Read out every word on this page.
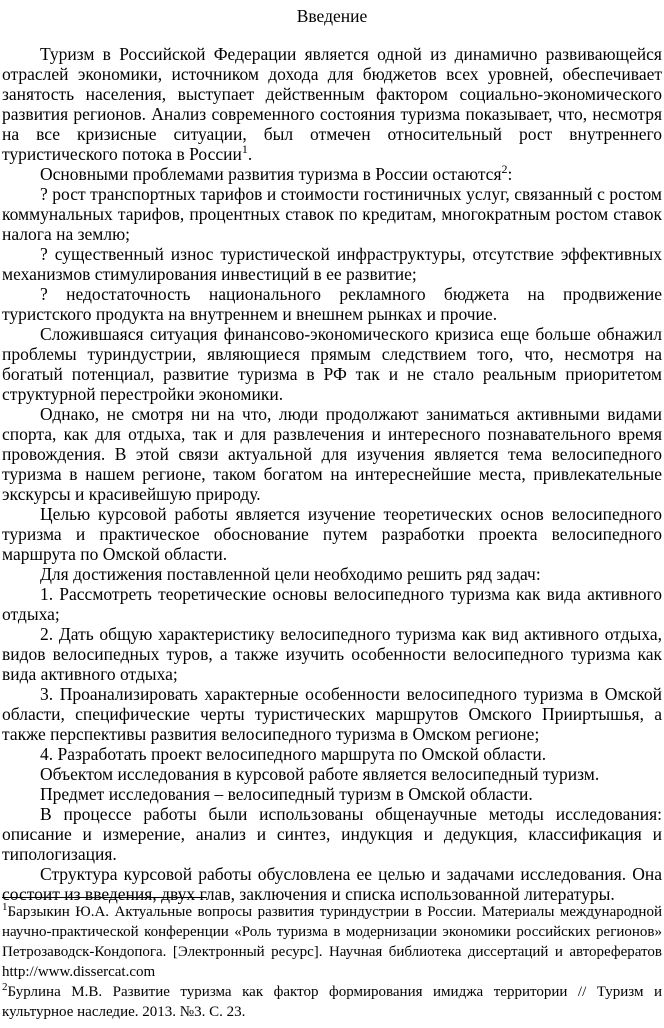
Введение

Туризм в Российской Федерации является одной из динамично развивающейся отраслей экономики, источником дохода для бюджетов всех уровней, обеспечивает занятость населения, выступает действенным фактором социально-экономического развития регионов. Анализ современного состояния туризма показывает, что, несмотря на все кризисные ситуации, был отмечен относительный рост внутреннего туристического потока в России$^1$.

Основными проблемами развития туризма в России остаются$^2$:

? рост транспортных тарифов и стоимости гостиничных услуг, связанный с ростом коммунальных тарифов, процентных ставок по кредитам, многократным ростом ставок налога на землю;

? существенный износ туристической инфраструктуры, отсутствие эффективных механизмов стимулирования инвестиций в ее развитие;

? недостаточность национального рекламного бюджета на продвижение туристского продукта на внутреннем и внешнем рынках и прочие.

Сложившаяся ситуация финансово-экономического кризиса еще больше обнажил проблемы туриндустрии, являющиеся прямым следствием того, что, несмотря на богатый потенциал, развитие туризма в РФ так и не стало реальным приоритетом структурной перестройки экономики.

Однако, не смотря ни на что, люди продолжают заниматься активными видами спорта, как для отдыха, так и для развлечения и интересного познавательного время провождения. В этой связи актуальной для изучения является тема велосипедного туризма в нашем регионе, таком богатом на интереснейшие места, привлекательные экскурсы и красивейшую природу.

Целью курсовой работы является изучение теоретических основ велосипедного туризма и практическое обоснование путем разработки проекта велосипедного маршрута по Омской области.

Для достижения поставленной цели необходимо решить ряд задач:

1. Рассмотреть теоретические основы велосипедного туризма как вида активного отдыха;

2. Дать общую характеристику велосипедного туризма как вид активного отдыха, видов велосипедных туров, а также изучить особенности велосипедного туризма как вида активного отдыха;

3. Проанализировать характерные особенности велосипедного туризма в Омской области, специфические черты туристических маршрутов Омского Прииртышья, а также перспективы развития велосипедного туризма в Омском регионе;

4. Разработать проект велосипедного маршрута по Омской области.

Объектом исследования в курсовой работе является велосипедный туризм.

Предмет исследования – велосипедный туризм в Омской области.

В процессе работы были использованы общенаучные методы исследования: описание и измерение, анализ и синтез, индукция и дедукция, классификация и типологизация.

Структура курсовой работы обусловлена ее целью и задачами исследования. Она состоит из введения, двух глав, заключения и списка использованной литературы.

$^1$Барзыкин Ю.А. Актуальные вопросы развития туриндустрии в России. Материалы международной научно-практической конференции «Роль туризма в модернизации экономики российских регионов» Петрозаводск-Кондопога. [Электронный ресурс]. Научная библиотека диссертаций и авторефератов http://www.dissercat.com
$^2$Бурлина М.В. Развитие туризма как фактор формирования имиджа территории // Туризм и культурное наследие. 2013. №3. С. 23.
